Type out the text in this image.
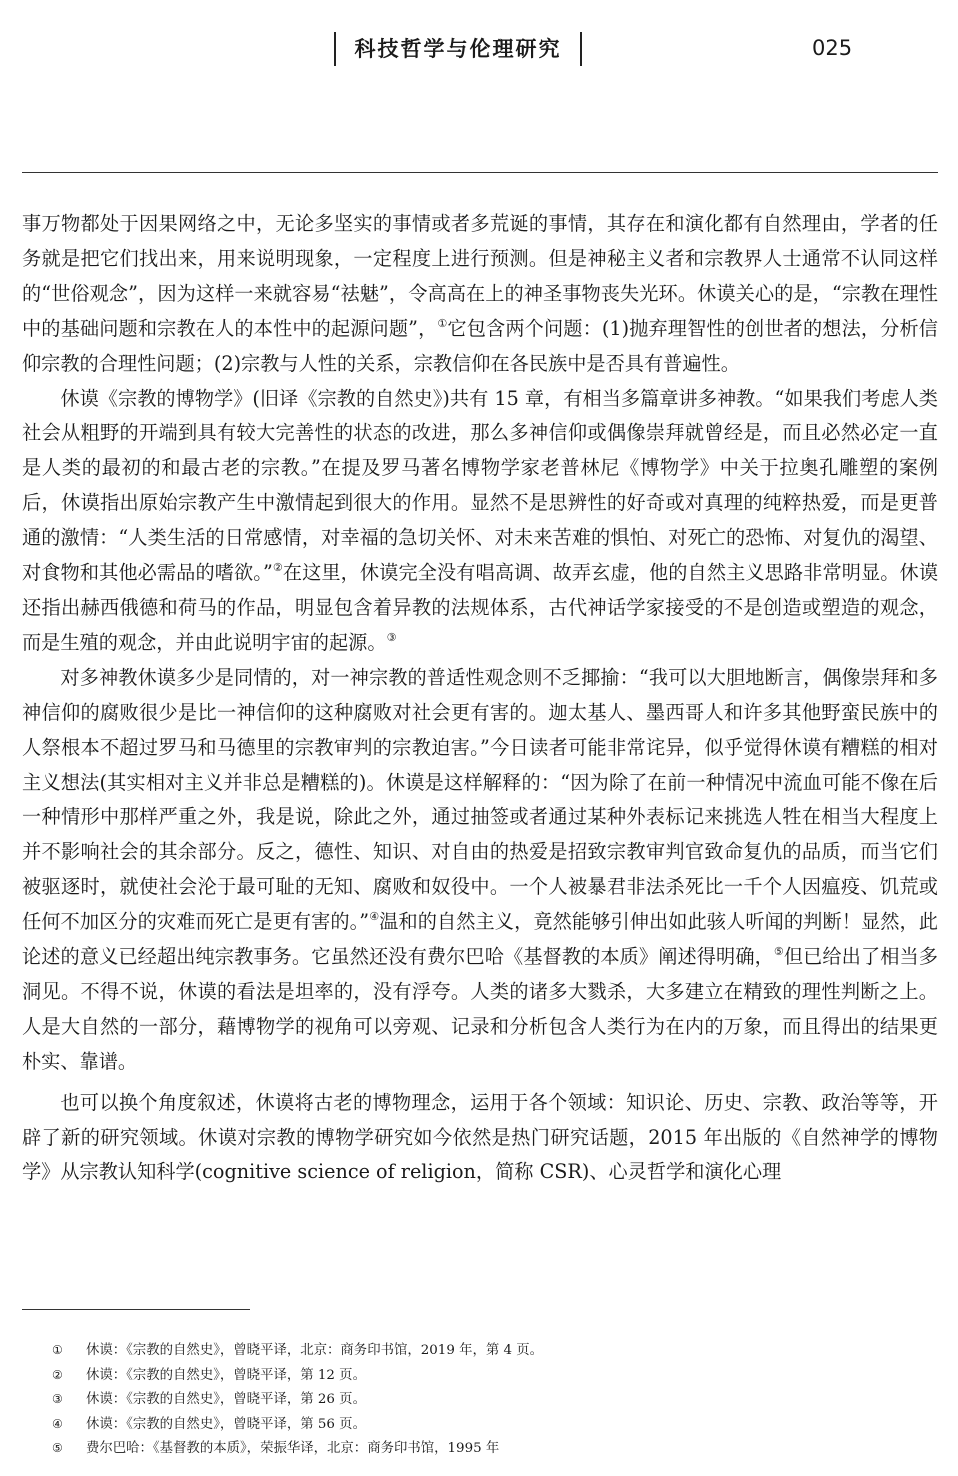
科技哲学与伦理研究	025

事万物都处于因果网络之中，无论多坚实的事情或者多荒诞的事情，其存在和演化都有自然理由，学者的任务就是把它们找出来，用来说明现象，一定程度上进行预测。但是神秘主义者和宗教界人士通常不认同这样的“世俗观念”，因为这样一来就容易“祛魅”，令高高在上的神圣事物丧失光环。休谟关心的是，“宗教在理性中的基础问题和宗教在人的本性中的起源问题”，①它包含两个问题：(1)抛弃理智性的创世者的想法，分析信仰宗教的合理性问题；(2)宗教与人性的关系，宗教信仰在各民族中是否具有普遍性。

休谟《宗教的博物学》(旧译《宗教的自然史》)共有 15 章，有相当多篇章讲多神教。“如果我们考虑人类社会从粗野的开端到具有较大完善性的状态的改进，那么多神信仰或偶像崇拜就曾经是，而且必然必定一直是人类的最初的和最古老的宗教。”在提及罗马著名博物学家老普林尼《博物学》中关于拉奥孔雕塑的案例后，休谟指出原始宗教产生中激情起到很大的作用。显然不是思辨性的好奇或对真理的纯粹热爱，而是更普通的激情：“人类生活的日常感情，对幸福的急切关怀、对未来苦难的惧怕、对死亡的恐怖、对复仇的渴望、对食物和其他必需品的嗜欲。”②在这里，休谟完全没有唱高调、故弄玄虚，他的自然主义思路非常明显。休谟还指出赫西俄德和荷马的作品，明显包含着异教的法规体系，古代神话学家接受的不是创造或塑造的观念，而是生殖的观念，并由此说明宇宙的起源。③

对多神教休谟多少是同情的，对一神宗教的普适性观念则不乏揶揄：“我可以大胆地断言，偶像崇拜和多神信仰的腐败很少是比一神信仰的这种腐败对社会更有害的。迦太基人、墨西哥人和许多其他野蛮民族中的人祭根本不超过罗马和马德里的宗教审判的宗教迫害。”今日读者可能非常诧异，似乎觉得休谟有糟糕的相对主义想法(其实相对主义并非总是糟糕的)。休谟是这样解释的：“因为除了在前一种情况中流血可能不像在后一种情形中那样严重之外，我是说，除此之外，通过抽签或者通过某种外表标记来挑选人牲在相当大程度上并不影响社会的其余部分。反之，德性、知识、对自由的热爱是招致宗教审判官致命复仇的品质，而当它们被驱逐时，就使社会沦于最可耻的无知、腐败和奴役中。一个人被暴君非法杀死比一千个人因瘟疫、饥荒或任何不加区分的灾难而死亡是更有害的。”④温和的自然主义，竟然能够引伸出如此骇人听闻的判断！显然，此论述的意义已经超出纯宗教事务。它虽然还没有费尔巴哈《基督教的本质》阐述得明确，⑤但已给出了相当多洞见。不得不说，休谟的看法是坦率的，没有浮夸。人类的诸多大戮杀，大多建立在精致的理性判断之上。人是大自然的一部分，藉博物学的视角可以旁观、记录和分析包含人类行为在内的万象，而且得出的结果更朴实、靠谱。

也可以换个角度叙述，休谟将古老的博物理念，运用于各个领域：知识论、历史、宗教、政治等等，开辟了新的研究领域。休谟对宗教的博物学研究如今依然是热门研究话题，2015 年出版的《自然神学的博物学》从宗教认知科学(cognitive science of religion，简称 CSR)、心灵哲学和演化心理

① 休谟：《宗教的自然史》，曾晓平译，北京：商务印书馆，2019 年，第 4 页。
② 休谟：《宗教的自然史》，曾晓平译，第 12 页。
③ 休谟：《宗教的自然史》，曾晓平译，第 26 页。
④ 休谟：《宗教的自然史》，曾晓平译，第 56 页。
⑤ 费尔巴哈：《基督教的本质》，荣振华译，北京：商务印书馆，1995 年
